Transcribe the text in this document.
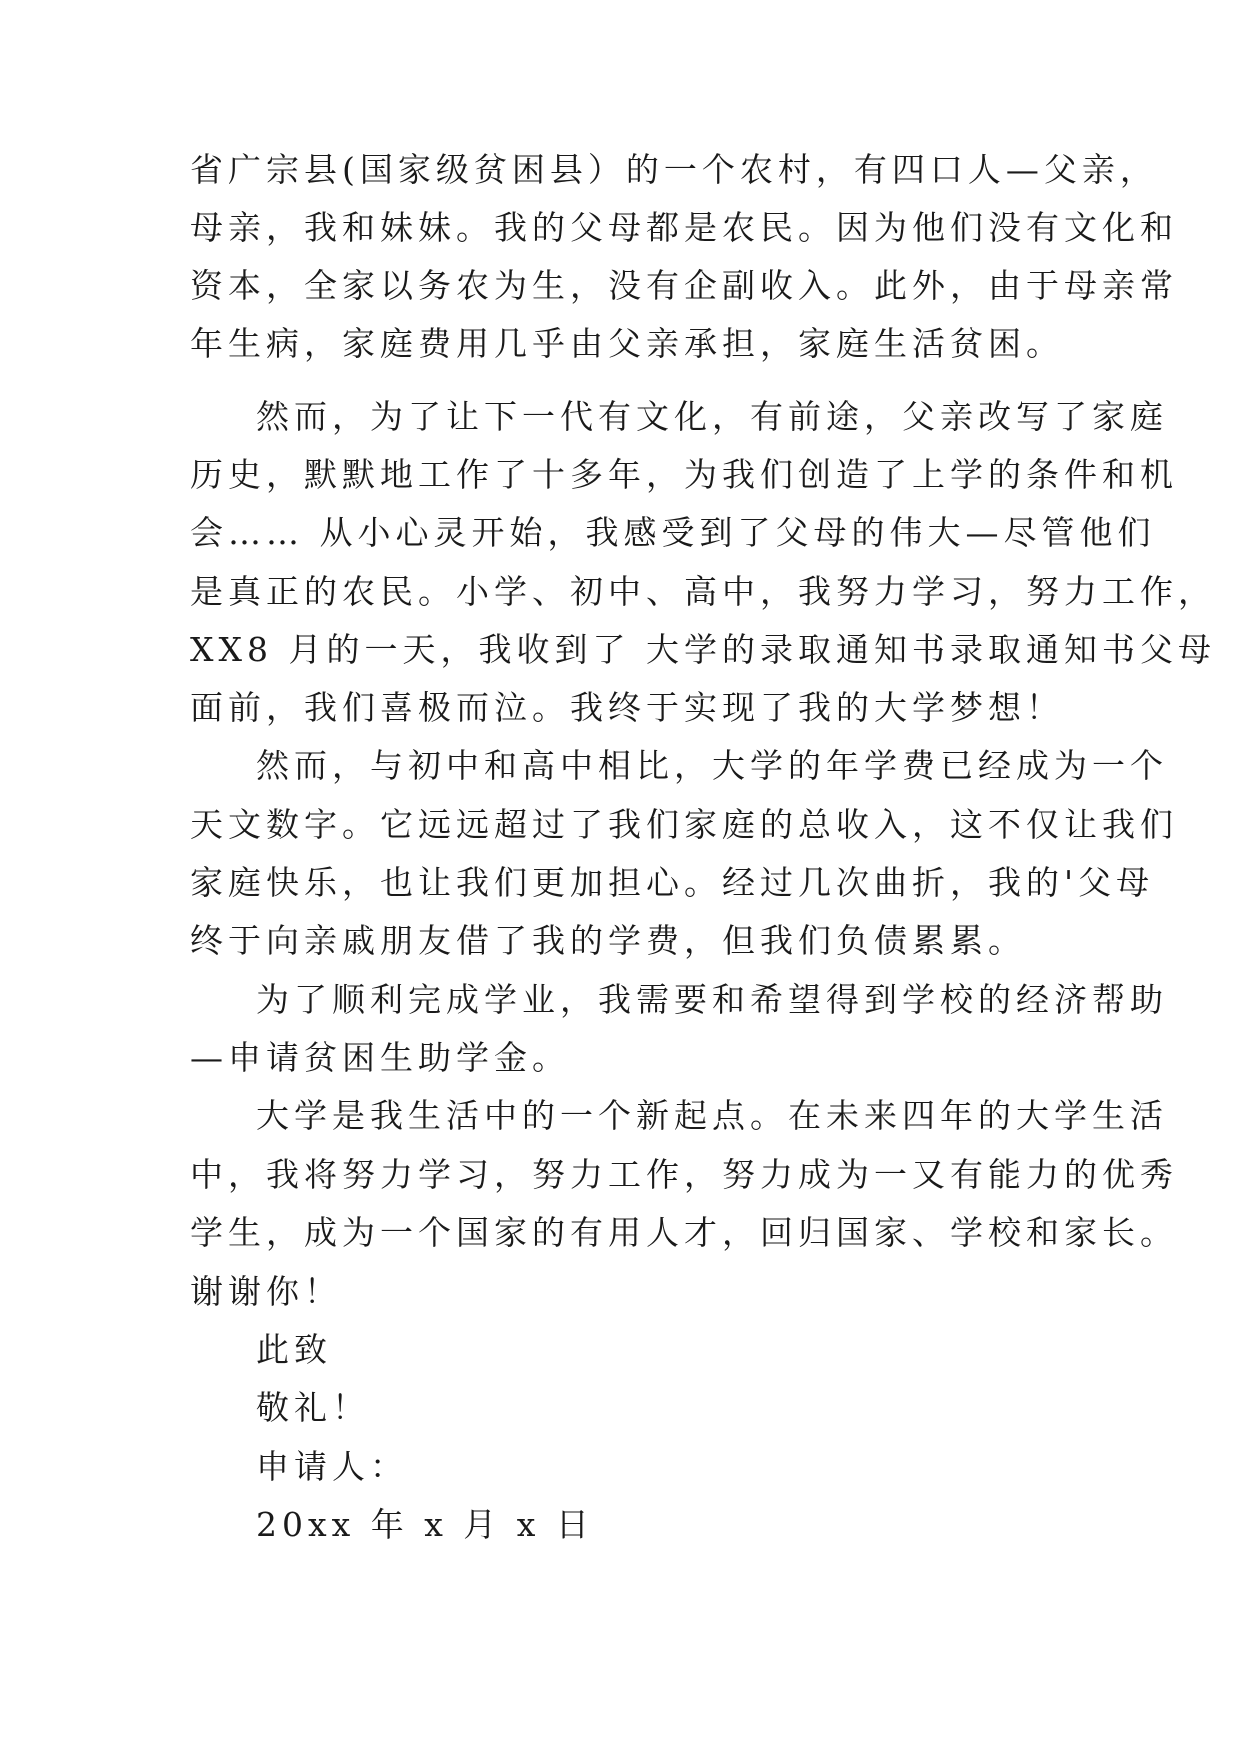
省广宗县(国家级贫困县）的一个农村，有四口人—父亲，
母亲，我和妹妹。我的父母都是农民。因为他们没有文化和
资本，全家以务农为生，没有企副收入。此外，由于母亲常
年生病，家庭费用几乎由父亲承担，家庭生活贫困。
然而，为了让下一代有文化，有前途，父亲改写了家庭
历史，默默地工作了十多年，为我们创造了上学的条件和机
会…… 从小心灵开始，我感受到了父母的伟大—尽管他们
是真正的农民。小学、初中、高中，我努力学习，努力工作，
XX8 月的一天，我收到了 大学的录取通知书录取通知书父母
面前，我们喜极而泣。我终于实现了我的大学梦想！
然而，与初中和高中相比，大学的年学费已经成为一个
天文数字。它远远超过了我们家庭的总收入，这不仅让我们
家庭快乐，也让我们更加担心。经过几次曲折，我的'父母
终于向亲戚朋友借了我的学费，但我们负债累累。
为了顺利完成学业，我需要和希望得到学校的经济帮助
—申请贫困生助学金。
大学是我生活中的一个新起点。在未来四年的大学生活
中，我将努力学习，努力工作，努力成为一又有能力的优秀
学生，成为一个国家的有用人才，回归国家、学校和家长。
谢谢你！
此致
敬礼！
申请人：
20xx 年 x 月 x 日
